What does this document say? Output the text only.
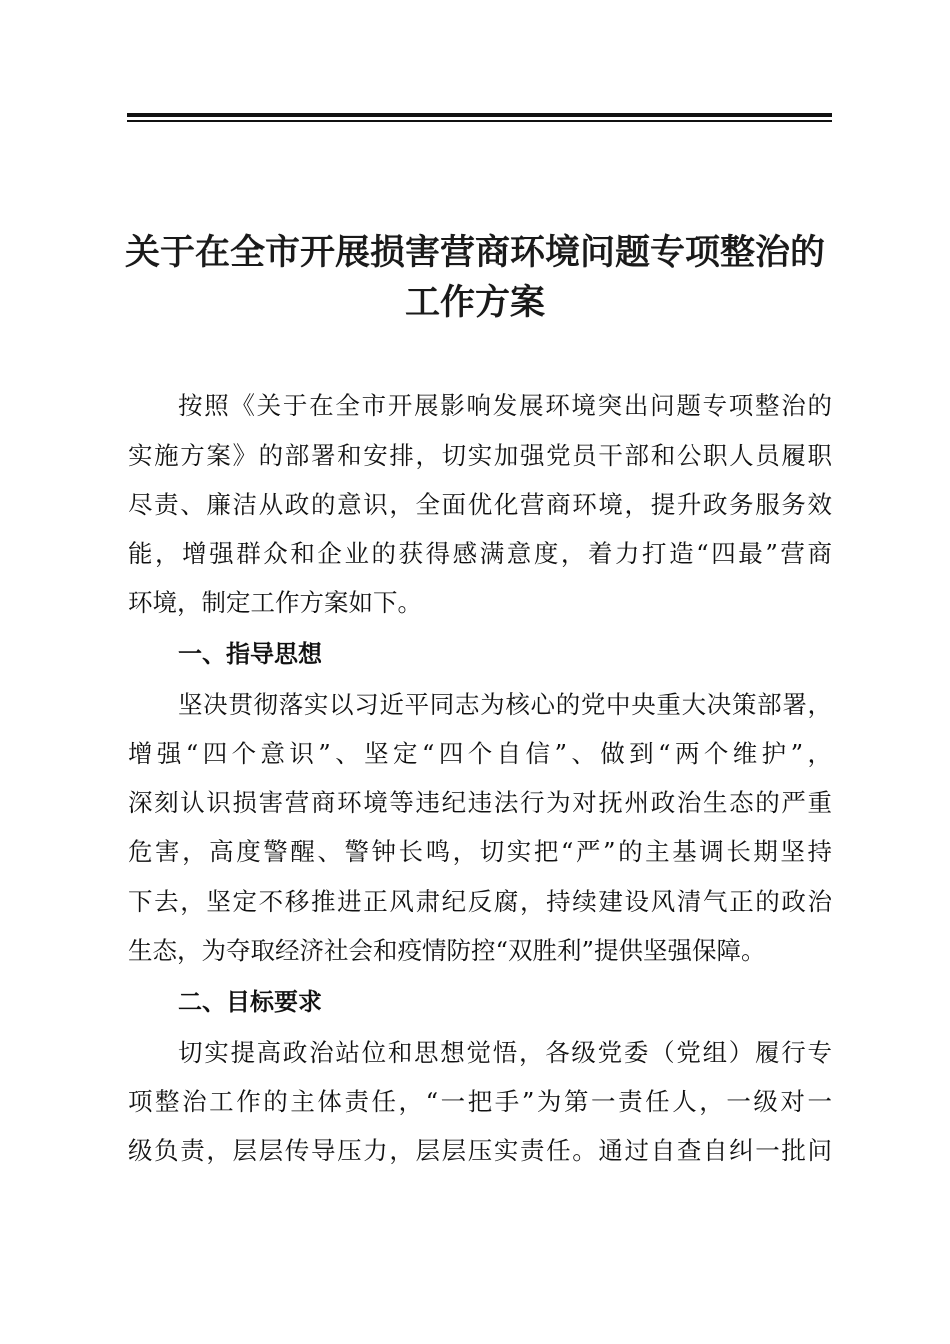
关于在全市开展损害营商环境问题专项整治的
工作方案
按照《关于在全市开展影响发展环境突出问题专项整治的
实施方案》的部署和安排，切实加强党员干部和公职人员履职
尽责、廉洁从政的意识，全面优化营商环境，提升政务服务效
能，增强群众和企业的获得感满意度，着力打造“四最”营商
环境，制定工作方案如下。
一、指导思想
坚决贯彻落实以习近平同志为核心的党中央重大决策部署，
增强“四个意识”、坚定“四个自信”、做到“两个维护”，
深刻认识损害营商环境等违纪违法行为对抚州政治生态的严重
危害，高度警醒、警钟长鸣，切实把“严”的主基调长期坚持
下去，坚定不移推进正风肃纪反腐，持续建设风清气正的政治
生态，为夺取经济社会和疫情防控“双胜利”提供坚强保障。
二、目标要求
切实提高政治站位和思想觉悟，各级党委（党组）履行专
项整治工作的主体责任，“一把手”为第一责任人，一级对一
级负责，层层传导压力，层层压实责任。通过自查自纠一批问
